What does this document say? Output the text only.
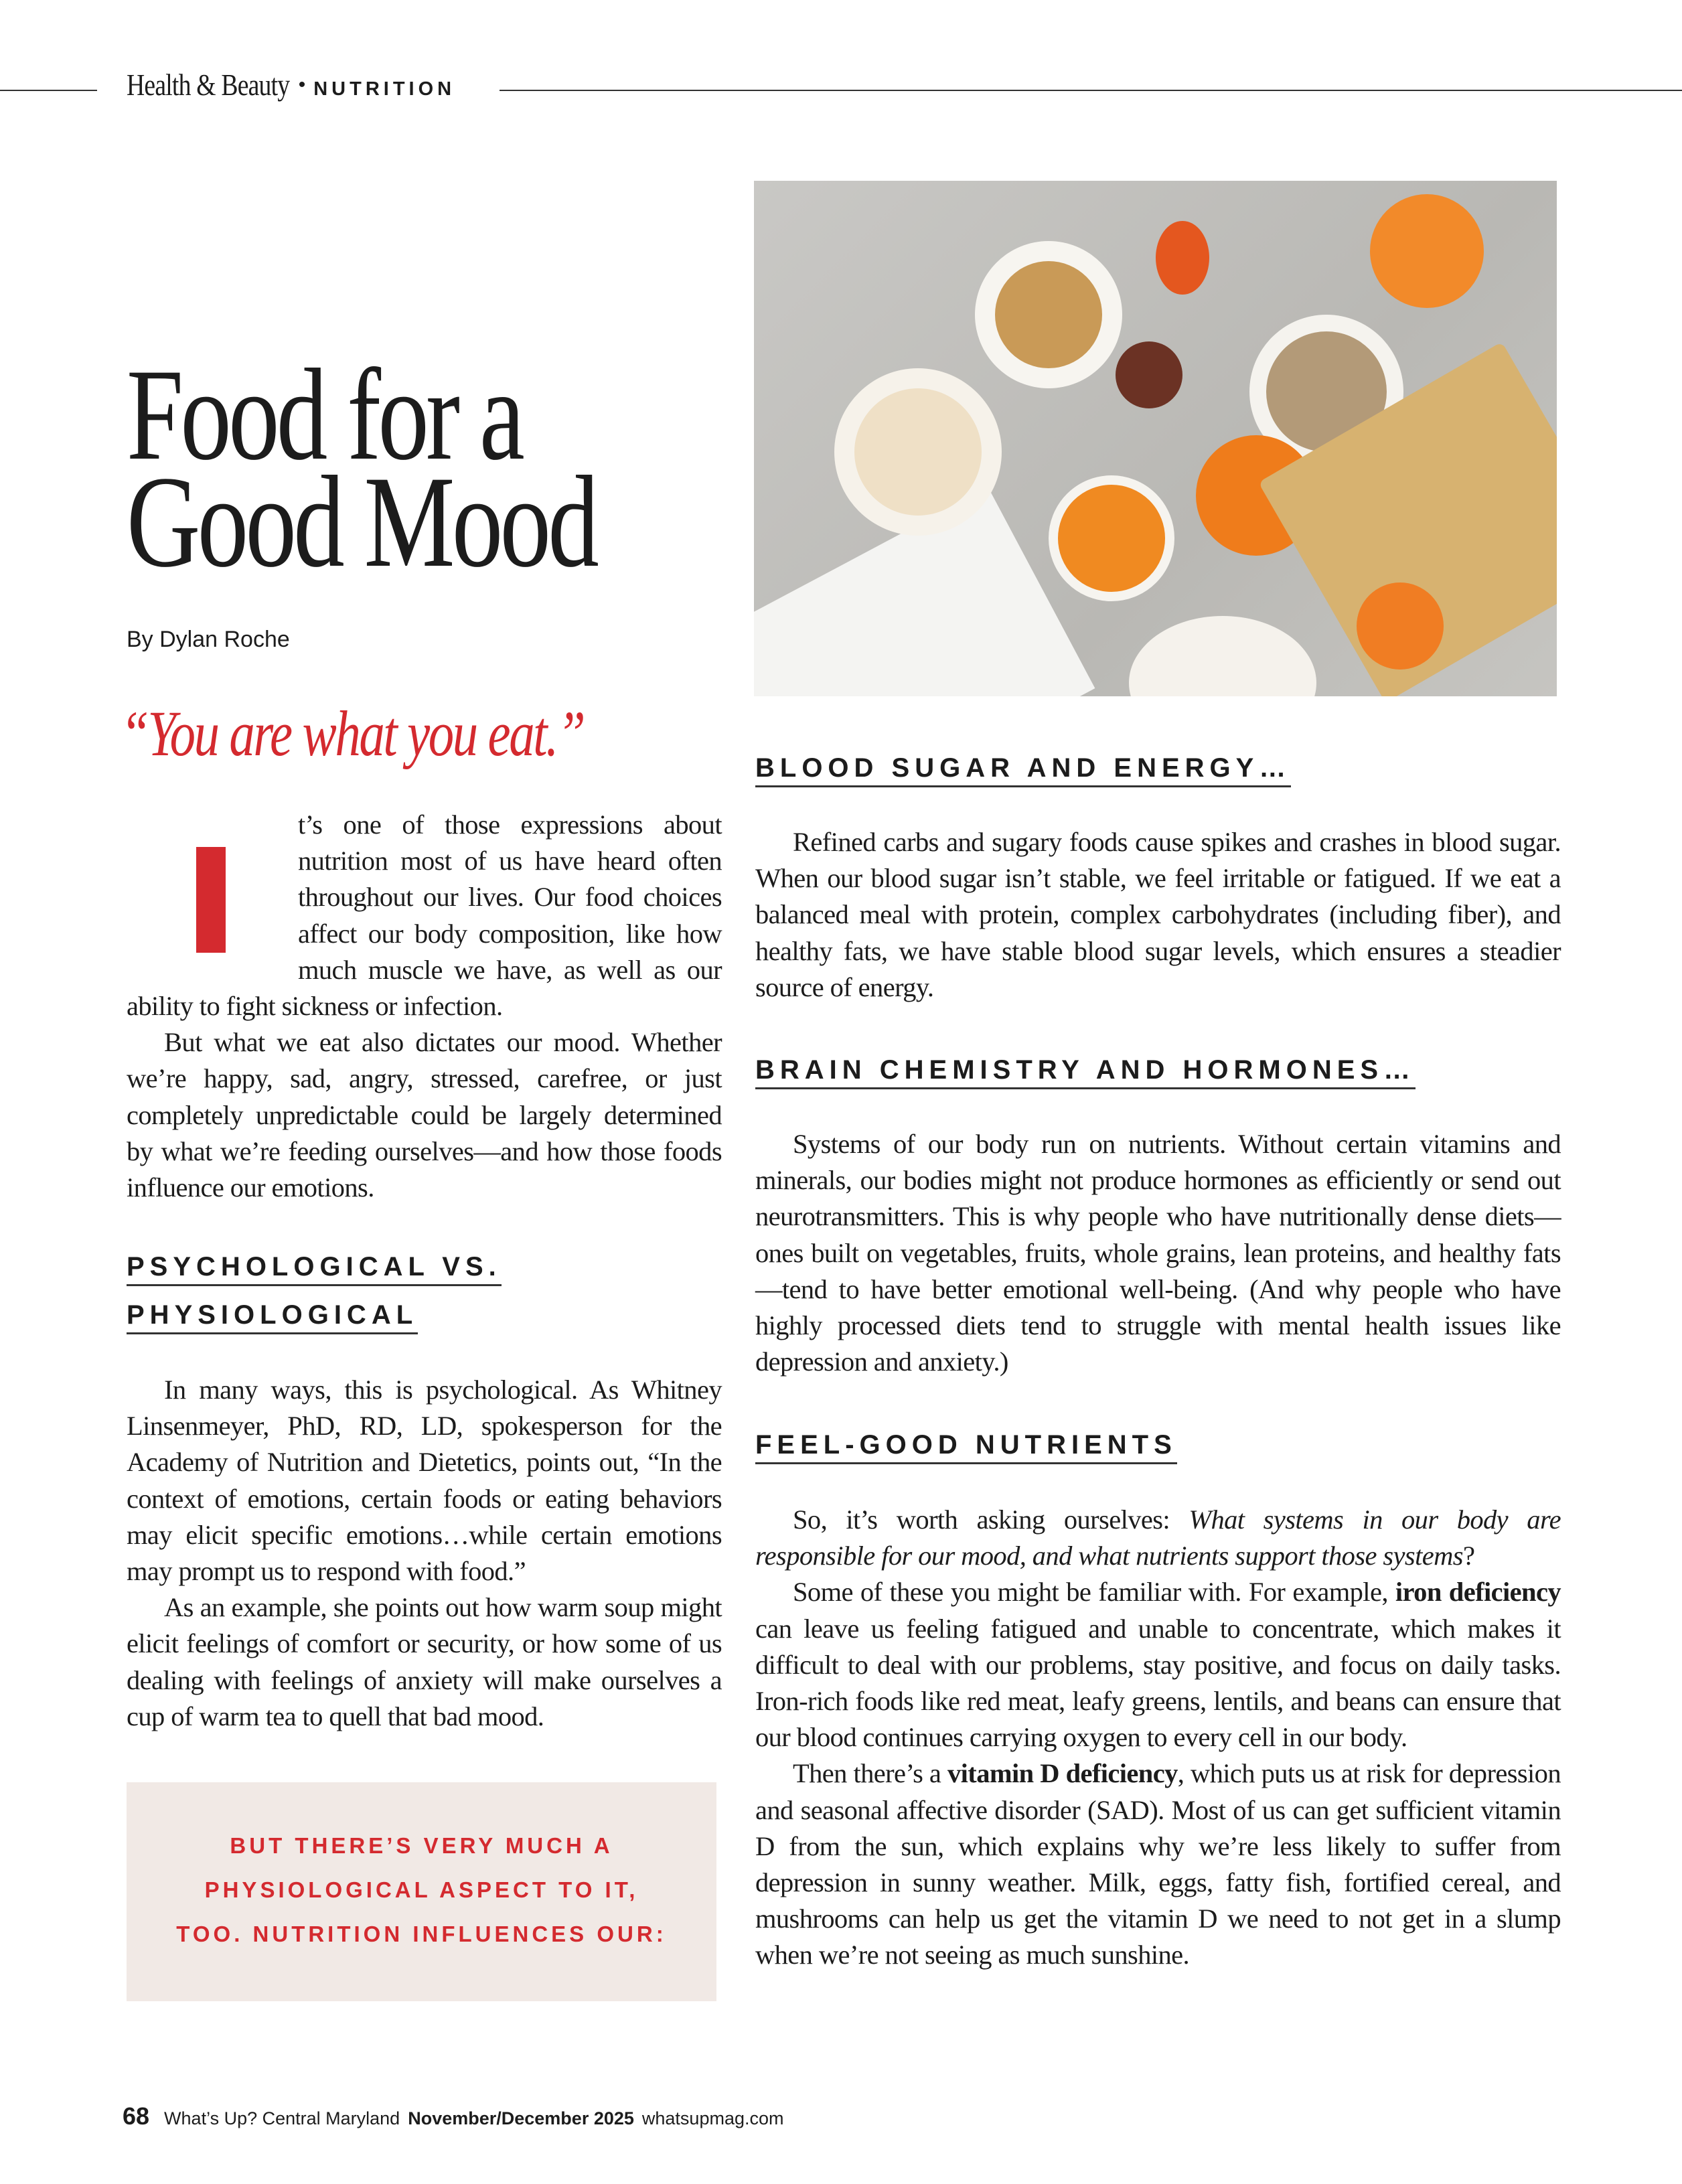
Health & Beauty • NUTRITION
Food for a
Good Mood
By Dylan Roche
“You are what you eat.”

t’s one of those expressions about nutrition most of us have heard often throughout our lives. Our food choices affect our body composition, like how much muscle we have, as well as our ability to fight sickness or infection.

But what we eat also dictates our mood. Whether we’re happy, sad, angry, stressed, carefree, or just completely unpredictable could be largely determined by what we’re feeding ourselves—and how those foods influence our emotions.

PSYCHOLOGICAL VS.
PHYSIOLOGICAL

In many ways, this is psychological. As Whitney Linsenmeyer, PhD, RD, LD, spokesperson for the Academy of Nutrition and Dietetics, points out, “In the context of emotions, certain foods or eating behaviors may elicit specific emotions…while certain emotions may prompt us to respond with food.”

As an example, she points out how warm soup might elicit feelings of comfort or security, or how some of us dealing with feelings of anxiety will make ourselves a cup of warm tea to quell that bad mood.

BUT THERE’S VERY MUCH A
PHYSIOLOGICAL ASPECT TO IT,
TOO. NUTRITION INFLUENCES OUR:
BLOOD SUGAR AND ENERGY…

Refined carbs and sugary foods cause spikes and crashes in blood sugar. When our blood sugar isn’t stable, we feel irritable or fatigued. If we eat a balanced meal with protein, complex carbohydrates (including fiber), and healthy fats, we have stable blood sugar levels, which ensures a steadier source of energy.

BRAIN CHEMISTRY AND HORMONES…

Systems of our body run on nutrients. Without certain vitamins and minerals, our bodies might not produce hormones as efficiently or send out neurotransmitters. This is why people who have nutritionally dense diets—ones built on vegetables, fruits, whole grains, lean proteins, and healthy fats—tend to have better emotional well-being. (And why people who have highly processed diets tend to struggle with mental health issues like depression and anxiety.)

FEEL-GOOD NUTRIENTS

So, it’s worth asking ourselves: What systems in our body are responsible for our mood, and what nutrients support those systems?

Some of these you might be familiar with. For example, iron deficiency can leave us feeling fatigued and unable to concentrate, which makes it difficult to deal with our problems, stay positive, and focus on daily tasks. Iron-rich foods like red meat, leafy greens, lentils, and beans can ensure that our blood continues carrying oxygen to every cell in our body.

Then there’s a vitamin D deficiency, which puts us at risk for depression and seasonal affective disorder (SAD). Most of us can get sufficient vitamin D from the sun, which explains why we’re less likely to suffer from depression in sunny weather. Milk, eggs, fatty fish, fortified cereal, and mushrooms can help us get the vitamin D we need to not get in a slump when we’re not seeing as much sunshine.

68 What’s Up? Central Maryland November/December 2025 whatsupmag.com
